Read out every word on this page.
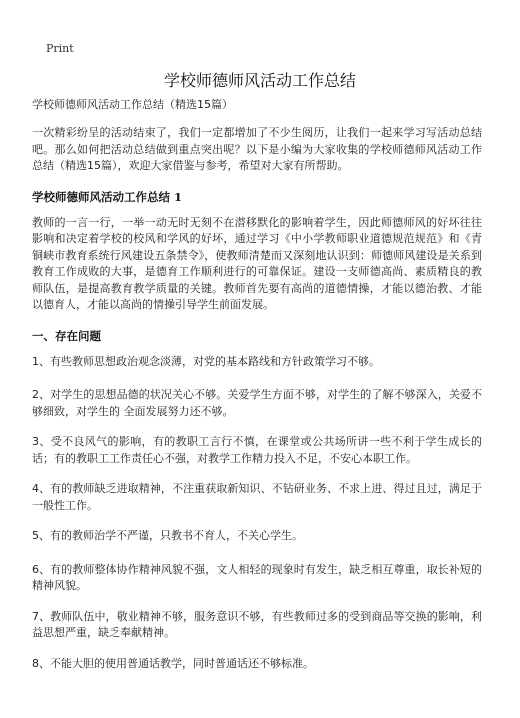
Print
学校师德师风活动工作总结

学校师德师风活动工作总结（精选15篇）

一次精彩纷呈的活动结束了，我们一定都增加了不少生阅历，让我们一起来学习写活动总结吧。那么如何把活动总结做到重点突出呢？以下是小编为大家收集的学校师德师风活动工作总结（精选15篇），欢迎大家借鉴与参考，希望对大家有所帮助。

学校师德师风活动工作总结 1

教师的一言一行，一举一动无时无刻不在潜移默化的影响着学生，因此师德师风的好坏往往影响和决定着学校的校风和学风的好坏，通过学习《中小学教师职业道德规范规范》和《青铜峡市教育系统行风建设五条禁令》，使教师清楚而又深刻地认识到：师德师风建设是关系到教育工作成败的大事，是德育工作顺利进行的可靠保证。建设一支师德高尚、素质精良的教师队伍，是提高教育教学质量的关键。教师首先要有高尚的道德情操，才能以德治教、才能以德育人，才能以高尚的情操引导学生前面发展。

一、存在问题

1、有些教师思想政治观念淡薄，对党的基本路线和方针政策学习不够。

2、对学生的思想品德的状况关心不够。关爱学生方面不够，对学生的了解不够深入，关爱不够细致，对学生的 全面发展努力还不够。

3、受不良风气的影响，有的教职工言行不慎，在课堂或公共场所讲一些不利于学生成长的话；有的教职工工作责任心不强，对教学工作精力投入不足，不安心本职工作。

4、有的教师缺乏进取精神，不注重获取新知识、不钻研业务、不求上进、得过且过，满足于一般性工作。

5、有的教师治学不严谨，只教书不育人，不关心学生。

6、有的教师整体协作精神风貌不强，文人相轻的现象时有发生，缺乏相互尊重，取长补短的精神风貌。

7、教师队伍中，敬业精神不够，服务意识不够，有些教师过多的受到商品等交换的影响，利益思想严重，缺乏奉献精神。

8、不能大胆的使用普通话教学，同时普通话还不够标准。
